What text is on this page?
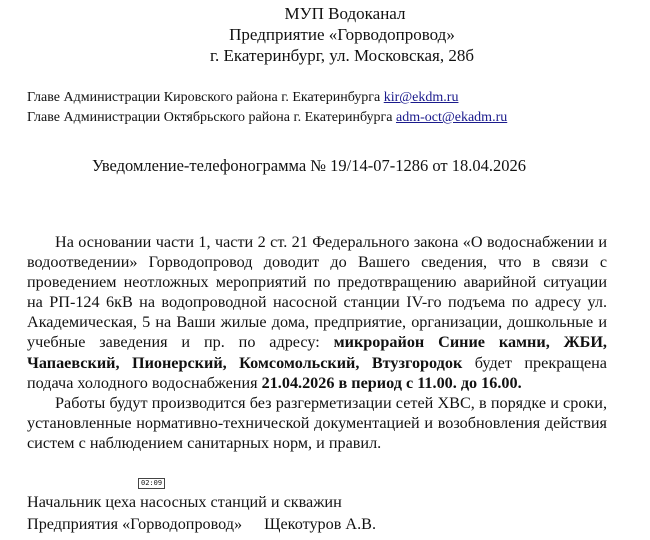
МУП Водоканал
Предприятие «Горводопровод»
г. Екатеринбург, ул. Московская, 28б
Главе Администрации Кировского района г. Екатеринбурга kir@ekdm.ru
Главе Администрации Октябрьского района г. Екатеринбурга adm-oct@ekadm.ru
Уведомление-телефонограмма № 19/14-07-1286 от 18.04.2026

На основании части 1, части 2 ст. 21 Федерального закона «О водоснабжении и водоотведении» Горводопровод доводит до Вашего сведения, что в связи с проведением неотложных мероприятий по предотвращению аварийной ситуации на РП-124 6кВ на водопроводной насосной станции IV-го подъема по адресу ул. Академическая, 5 на Ваши жилые дома, предприятие, организации, дошкольные и учебные заведения и пр. по адресу: микрорайон Синие камни, ЖБИ, Чапаевский, Пионерский, Комсомольский, Втузгородок будет прекращена подача холодного водоснабжения 21.04.2026 в период с 11.00. до 16.00.

Работы будут производится без разгерметизации сетей ХВС, в порядке и сроки, установленные нормативно-технической документацией и возобновления действия систем с наблюдением санитарных норм, и правил.

02:09
Начальник цеха насосных станций и скважин
Предприятия «Горводопровод» Щекотуров А.В.
